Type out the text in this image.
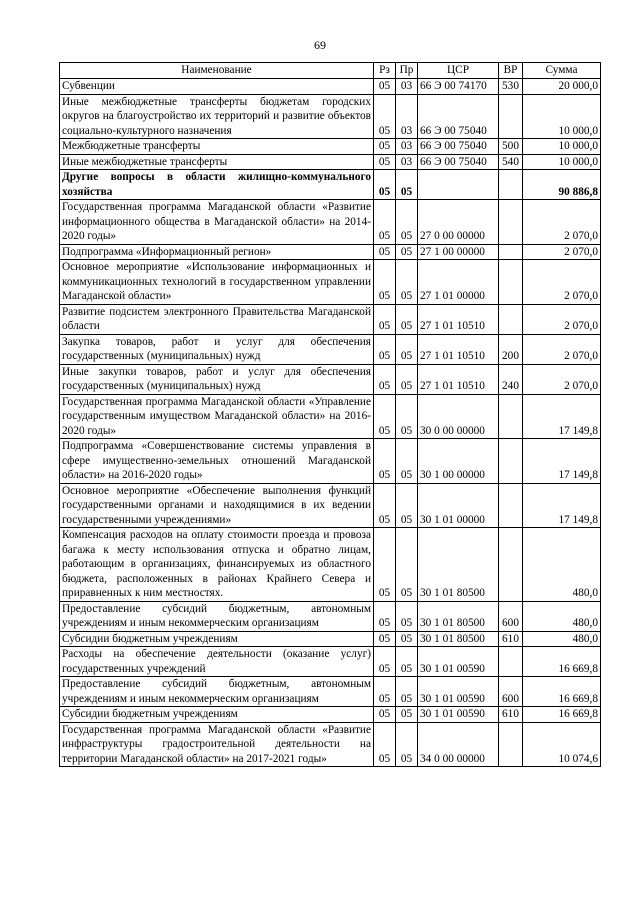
69
Наименование	Рз	Пр	ЦСР	ВР	Сумма
Субвенции	05	03	66 Э 00 74170	530	20 000,0
Иные межбюджетные трансферты бюджетам городских округов на благоустройство их территорий и развитие объектов социально-культурного назначения	05	03	66 Э 00 75040		10 000,0
Межбюджетные трансферты	05	03	66 Э 00 75040	500	10 000,0
Иные межбюджетные трансферты	05	03	66 Э 00 75040	540	10 000,0
Другие вопросы в области жилищно-коммунального хозяйства	05	05			90 886,8
Государственная программа Магаданской области «Развитие информационного общества в Магаданской области» на 2014-2020 годы»	05	05	27 0 00 00000		2 070,0
Подпрограмма «Информационный регион»	05	05	27 1 00 00000		2 070,0
Основное мероприятие «Использование информационных и коммуникационных технологий в государственном управлении Магаданской области»	05	05	27 1 01 00000		2 070,0
Развитие подсистем электронного Правительства Магаданской области	05	05	27 1 01 10510		2 070,0
Закупка товаров, работ и услуг для обеспечения государственных (муниципальных) нужд	05	05	27 1 01 10510	200	2 070,0
Иные закупки товаров, работ и услуг для обеспечения государственных (муниципальных) нужд	05	05	27 1 01 10510	240	2 070,0
Государственная программа Магаданской области «Управление государственным имуществом Магаданской области» на 2016-2020 годы»	05	05	30 0 00 00000		17 149,8
Подпрограмма «Совершенствование системы управления в сфере имущественно-земельных отношений Магаданской области» на 2016-2020 годы»	05	05	30 1 00 00000		17 149,8
Основное мероприятие «Обеспечение выполнения функций государственными органами и находящимися в их ведении государственными учреждениями»	05	05	30 1 01 00000		17 149,8
Компенсация расходов на оплату стоимости проезда и провоза багажа к месту использования отпуска и обратно лицам, работающим в организациях, финансируемых из областного бюджета, расположенных в районах Крайнего Севера и приравненных к ним местностях.	05	05	30 1 01 80500		480,0
Предоставление субсидий бюджетным, автономным учреждениям и иным некоммерческим организациям	05	05	30 1 01 80500	600	480,0
Субсидии бюджетным учреждениям	05	05	30 1 01 80500	610	480,0
Расходы на обеспечение деятельности (оказание услуг) государственных учреждений	05	05	30 1 01 00590		16 669,8
Предоставление субсидий бюджетным, автономным учреждениям и иным некоммерческим организациям	05	05	30 1 01 00590	600	16 669,8
Субсидии бюджетным учреждениям	05	05	30 1 01 00590	610	16 669,8
Государственная программа Магаданской области «Развитие инфраструктуры градостроительной деятельности на территории Магаданской области» на 2017-2021 годы»	05	05	34 0 00 00000		10 074,6
